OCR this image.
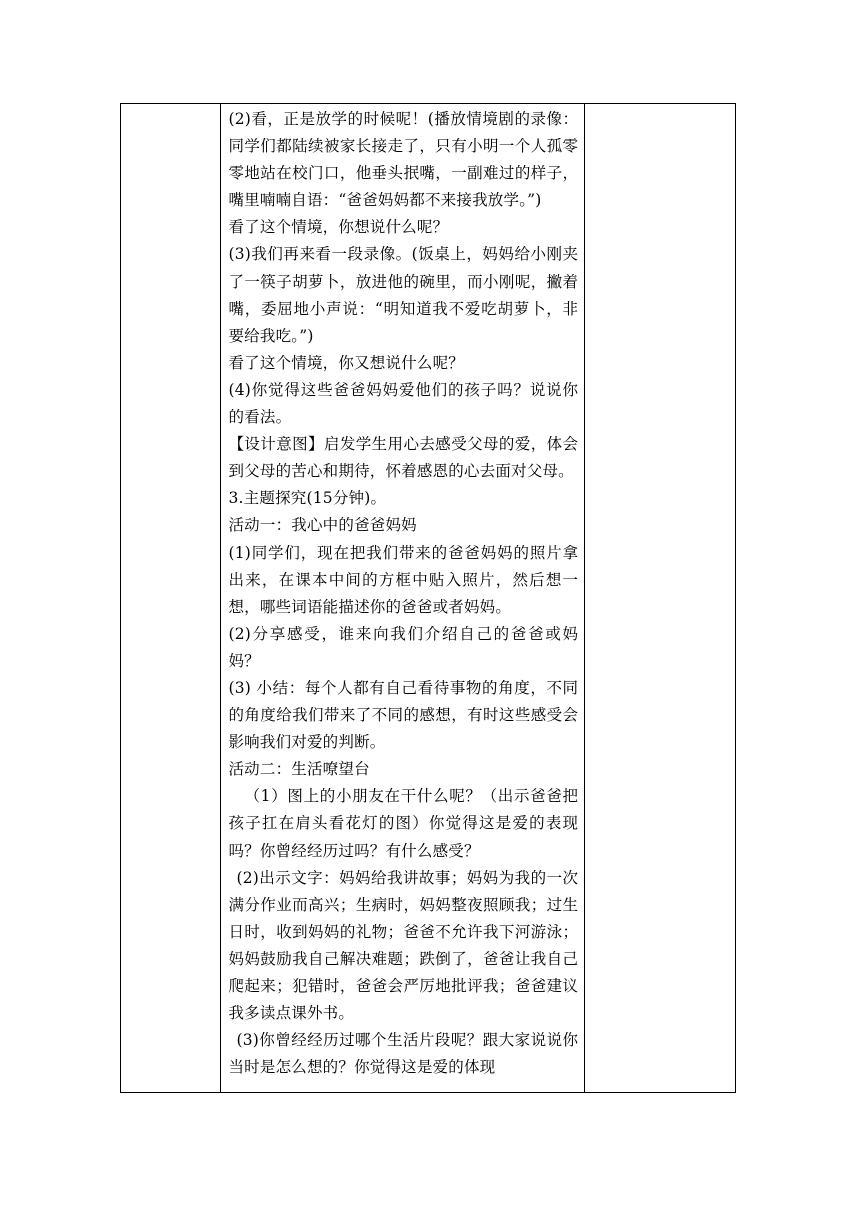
(2)看，正是放学的时候呢！(播放情境剧的录像：同学们都陆续被家长接走了，只有小明一个人孤零零地站在校门口，他垂头抿嘴，一副难过的样子，嘴里喃喃自语：“爸爸妈妈都不来接我放学。”)

看了这个情境，你想说什么呢？

(3)我们再来看一段录像。(饭桌上，妈妈给小刚夹了一筷子胡萝卜，放进他的碗里，而小刚呢，撇着嘴，委屈地小声说：“明知道我不爱吃胡萝卜，非要给我吃。”)

看了这个情境，你又想说什么呢？

(4)你觉得这些爸爸妈妈爱他们的孩子吗？说说你的看法。

【设计意图】启发学生用心去感受父母的爱，体会到父母的苦心和期待，怀着感恩的心去面对父母。

3.主题探究(15分钟)。

活动一：我心中的爸爸妈妈

(1)同学们，现在把我们带来的爸爸妈妈的照片拿出来，在课本中间的方框中贴入照片，然后想一想，哪些词语能描述你的爸爸或者妈妈。

(2)分享感受，谁来向我们介绍自己的爸爸或妈妈？

(3) 小结：每个人都有自己看待事物的角度，不同的角度给我们带来了不同的感想，有时这些感受会影响我们对爱的判断。

活动二：生活嘹望台

（1）图上的小朋友在干什么呢？（出示爸爸把孩子扛在肩头看花灯的图）你觉得这是爱的表现吗？你曾经经历过吗？有什么感受？

(2)出示文字：妈妈给我讲故事；妈妈为我的一次满分作业而高兴；生病时，妈妈整夜照顾我；过生日时，收到妈妈的礼物；爸爸不允许我下河游泳；妈妈鼓励我自己解决难题；跌倒了，爸爸让我自己爬起来；犯错时，爸爸会严厉地批评我；爸爸建议我多读点课外书。

(3)你曾经经历过哪个生活片段呢？跟大家说说你当时是怎么想的？你觉得这是爱的体现
